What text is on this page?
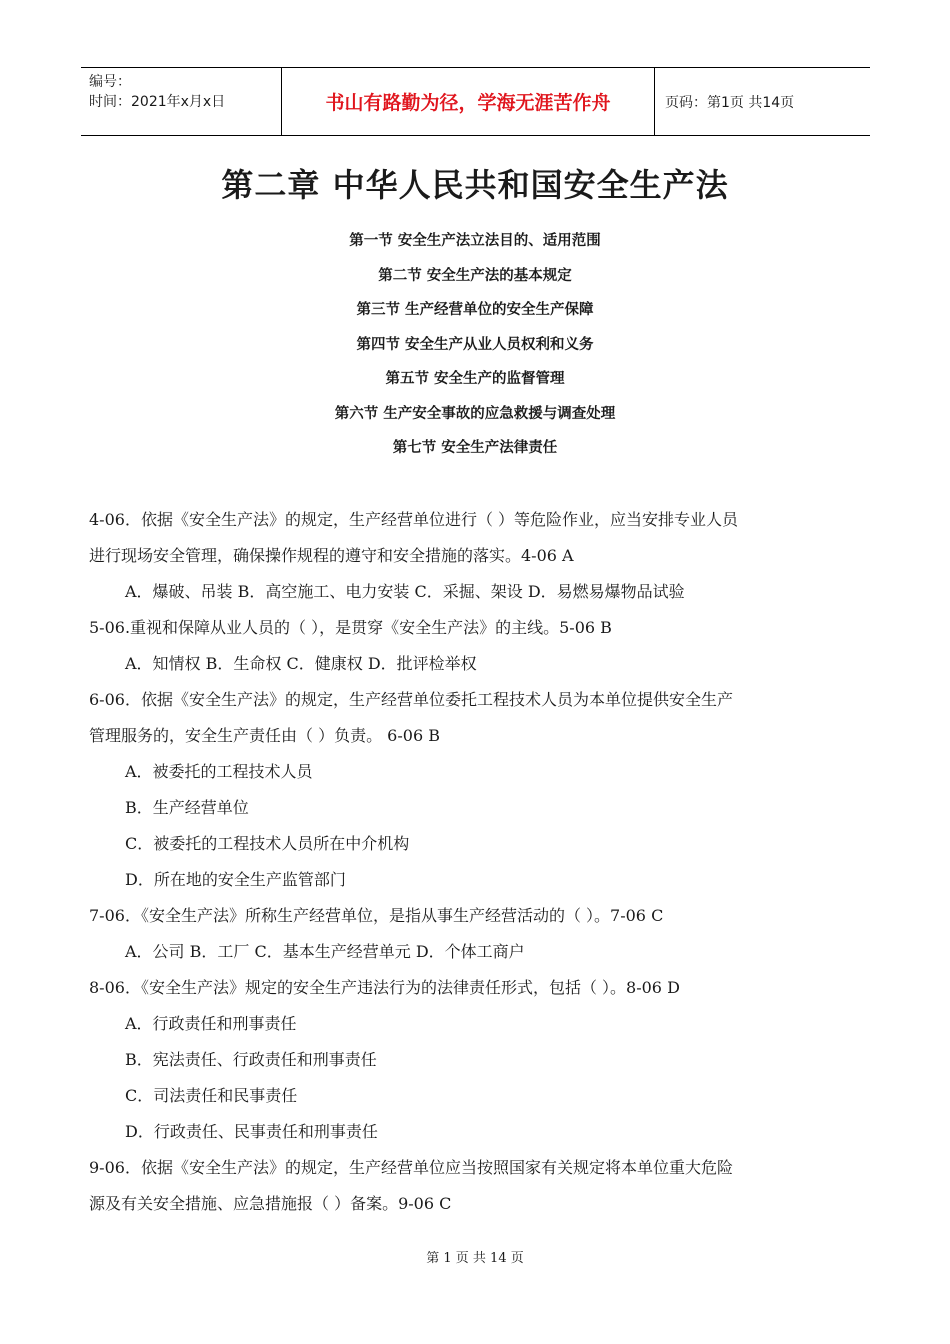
编号：
时间：2021年x月x日	书山有路勤为径，学海无涯苦作舟	页码：第1页 共14页
第二章 中华人民共和国安全生产法
第一节 安全生产法立法目的、适用范围
第二节 安全生产法的基本规定
第三节 生产经营单位的安全生产保障
第四节 安全生产从业人员权利和义务
第五节 安全生产的监督管理
第六节 生产安全事故的应急救援与调查处理
第七节 安全生产法律责任
4-06．依据《安全生产法》的规定，生产经营单位进行（ ）等危险作业，应当安排专业人员
进行现场安全管理，确保操作规程的遵守和安全措施的落实。4-06 A
A．爆破、吊装 B．高空施工、电力安装 C．采掘、架设 D．易燃易爆物品试验
5-06.重视和保障从业人员的（ ），是贯穿《安全生产法》的主线。5-06 B
A．知情权 B．生命权 C．健康权 D．批评检举权
6-06．依据《安全生产法》的规定，生产经营单位委托工程技术人员为本单位提供安全生产
管理服务的，安全生产责任由（ ）负责。 6-06 B
A．被委托的工程技术人员
B．生产经营单位
C．被委托的工程技术人员所在中介机构
D．所在地的安全生产监管部门
7-06．《安全生产法》所称生产经营单位，是指从事生产经营活动的（ ）。7-06 C
A．公司 B．工厂 C．基本生产经营单元 D．个体工商户
8-06．《安全生产法》规定的安全生产违法行为的法律责任形式，包括（ ）。8-06 D
A．行政责任和刑事责任
B．宪法责任、行政责任和刑事责任
C．司法责任和民事责任
D．行政责任、民事责任和刑事责任
9-06．依据《安全生产法》的规定，生产经营单位应当按照国家有关规定将本单位重大危险
源及有关安全措施、应急措施报（ ）备案。9-06 C
第 1 页 共 14 页
